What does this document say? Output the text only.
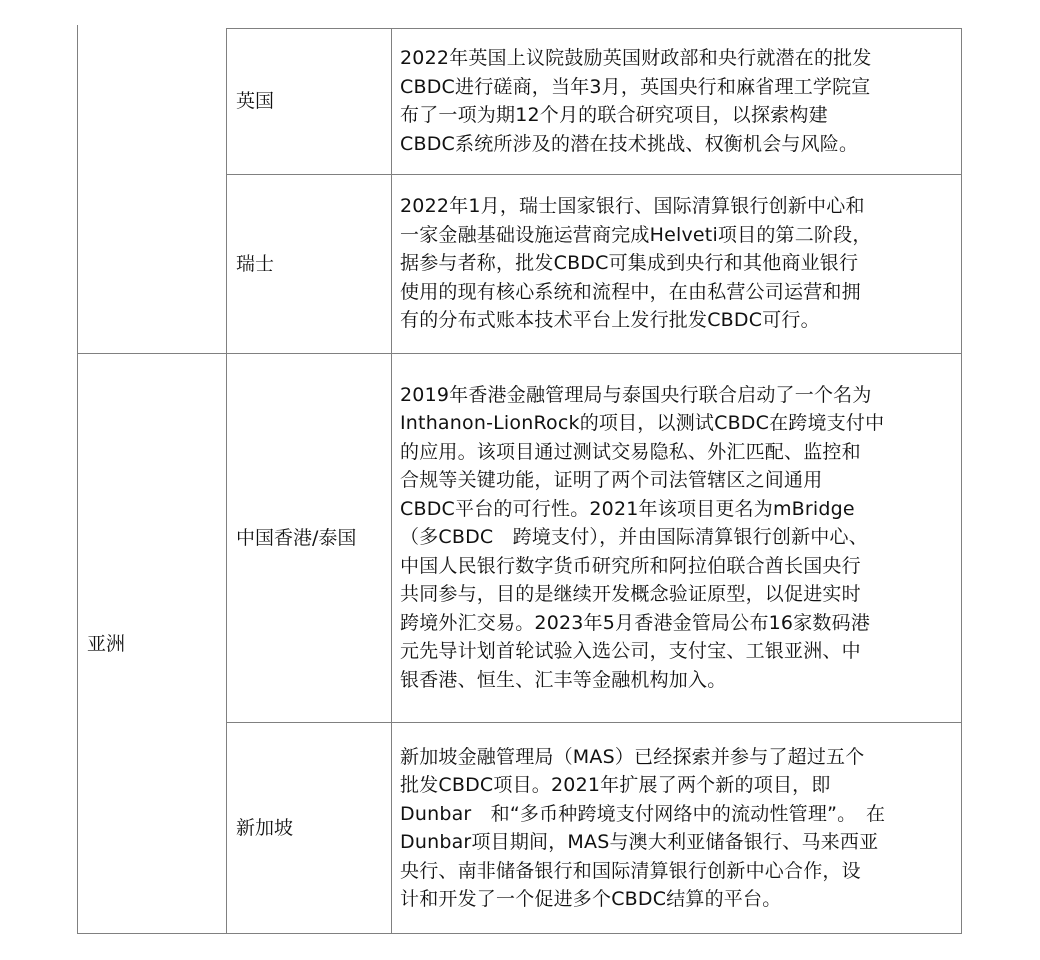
亚洲
英国

2022年英国上议院鼓励英国财政部和央行就潜在的批发

CBDC进行磋商，当年3月，英国央行和麻省理工学院宣

布了一项为期12个月的联合研究项目，以探索构建

CBDC系统所涉及的潜在技术挑战、权衡机会与风险。

瑞士

2022年1月，瑞士国家银行、国际清算银行创新中心和

一家金融基础设施运营商完成Helveti项目的第二阶段，

据参与者称，批发CBDC可集成到央行和其他商业银行

使用的现有核心系统和流程中，在由私营公司运营和拥

有的分布式账本技术平台上发行批发CBDC可行。

中国香港/泰国

2019年香港金融管理局与泰国央行联合启动了一个名为

Inthanon-LionRock的项目，以测试CBDC在跨境支付中

的应用。该项目通过测试交易隐私、外汇匹配、监控和

合规等关键功能，证明了两个司法管辖区之间通用

CBDC平台的可行性。2021年该项目更名为mBridge

（多CBDC　跨境支付），并由国际清算银行创新中心、

中国人民银行数字货币研究所和阿拉伯联合酋长国央行

共同参与，目的是继续开发概念验证原型，以促进实时

跨境外汇交易。2023年5月香港金管局公布16家数码港

元先导计划首轮试验入选公司，支付宝、工银亚洲、中

银香港、恒生、汇丰等金融机构加入。

新加坡

新加坡金融管理局（MAS）已经探索并参与了超过五个

批发CBDC项目。2021年扩展了两个新的项目，即

Dunbar　和“多币种跨境支付网络中的流动性管理”。　在

Dunbar项目期间，MAS与澳大利亚储备银行、马来西亚

央行、南非储备银行和国际清算银行创新中心合作，设

计和开发了一个促进多个CBDC结算的平台。
